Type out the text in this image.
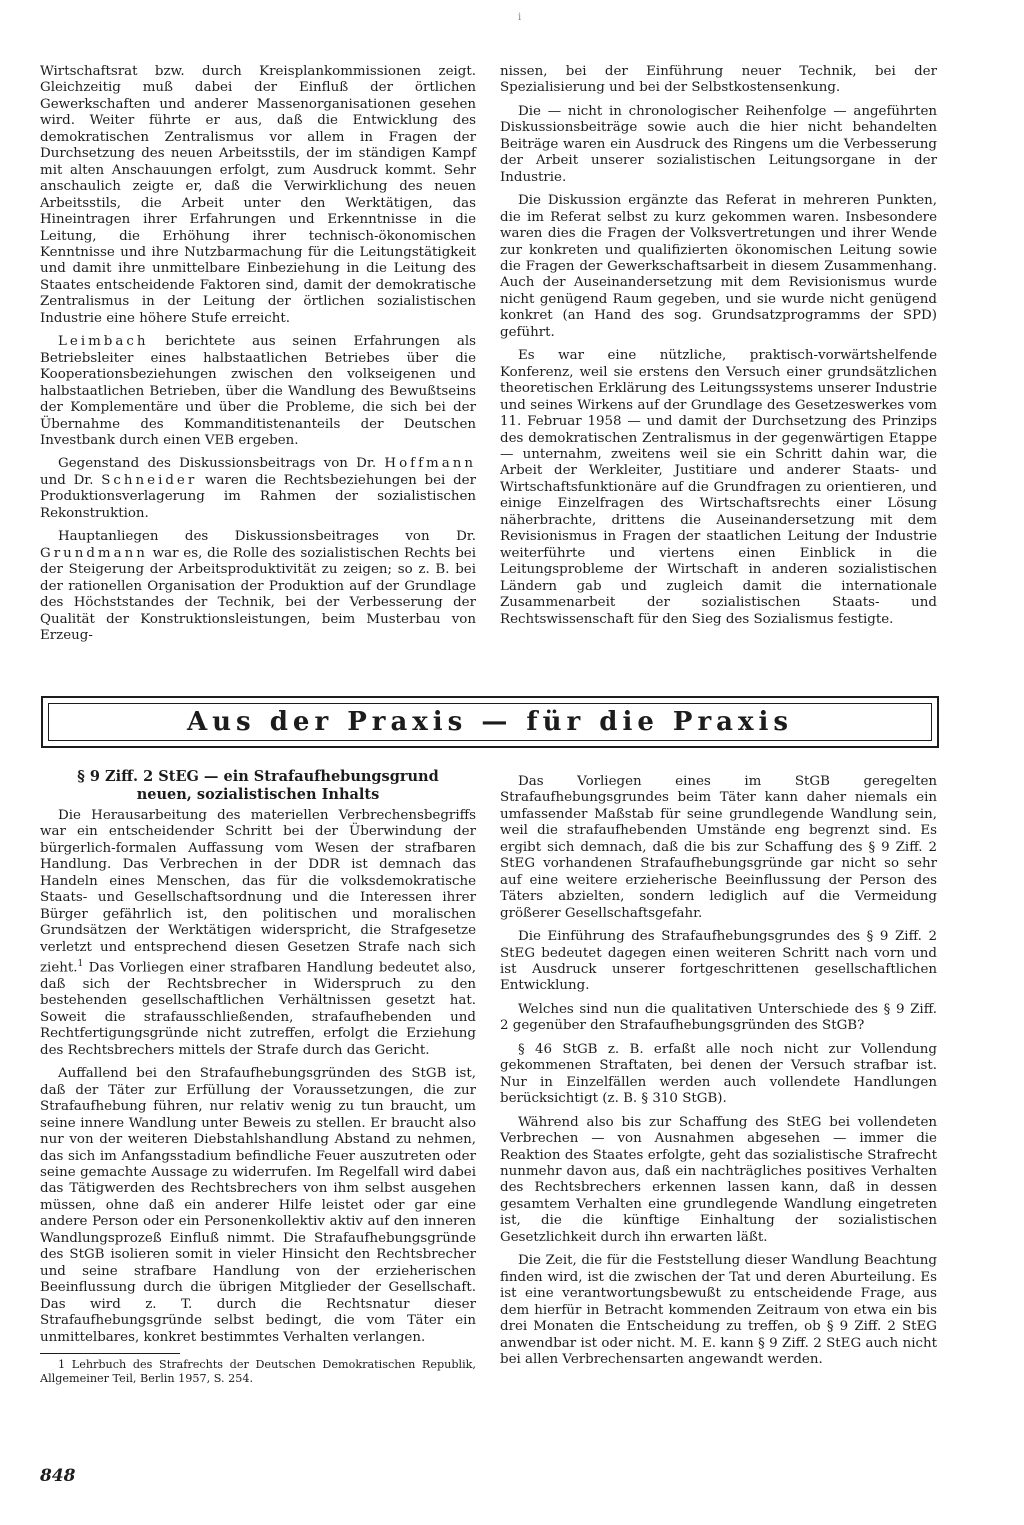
i

Wirtschaftsrat bzw. durch Kreisplankommissionen zeigt. Gleichzeitig muß dabei der Einfluß der örtlichen Gewerkschaften und anderer Massenorganisationen gesehen wird. Weiter führte er aus, daß die Entwicklung des demokratischen Zentralismus vor allem in Fragen der Durchsetzung des neuen Arbeitsstils, der im ständigen Kampf mit alten Anschauungen erfolgt, zum Ausdruck kommt. Sehr anschaulich zeigte er, daß die Verwirklichung des neuen Arbeitsstils, die Arbeit unter den Werktätigen, das Hineintragen ihrer Erfahrungen und Erkenntnisse in die Leitung, die Erhöhung ihrer technisch-ökonomischen Kenntnisse und ihre Nutzbarmachung für die Leitungstätigkeit und damit ihre unmittelbare Einbeziehung in die Leitung des Staates entscheidende Faktoren sind, damit der demokratische Zentralismus in der Leitung der örtlichen sozialistischen Industrie eine höhere Stufe erreicht.

Leimbach berichtete aus seinen Erfahrungen als Betriebsleiter eines halbstaatlichen Betriebes über die Kooperationsbeziehungen zwischen den volkseigenen und halbstaatlichen Betrieben, über die Wandlung des Bewußtseins der Komplementäre und über die Probleme, die sich bei der Übernahme des Kommanditistenanteils der Deutschen Investbank durch einen VEB ergeben.

Gegenstand des Diskussionsbeitrags von Dr. Hoffmann und Dr. Schneider waren die Rechtsbeziehungen bei der Produktionsverlagerung im Rahmen der sozialistischen Rekonstruktion.

Hauptanliegen des Diskussionsbeitrages von Dr. Grundmann war es, die Rolle des sozialistischen Rechts bei der Steigerung der Arbeitsproduktivität zu zeigen; so z. B. bei der rationellen Organisation der Produktion auf der Grundlage des Höchststandes der Technik, bei der Verbesserung der Qualität der Konstruktionsleistungen, beim Musterbau von Erzeug-

nissen, bei der Einführung neuer Technik, bei der Spezialisierung und bei der Selbstkostensenkung.

Die — nicht in chronologischer Reihenfolge — angeführten Diskussionsbeiträge sowie auch die hier nicht behandelten Beiträge waren ein Ausdruck des Ringens um die Verbesserung der Arbeit unserer sozialistischen Leitungsorgane in der Industrie.

Die Diskussion ergänzte das Referat in mehreren Punkten, die im Referat selbst zu kurz gekommen waren. Insbesondere waren dies die Fragen der Volksvertretungen und ihrer Wende zur konkreten und qualifizierten ökonomischen Leitung sowie die Fragen der Gewerkschaftsarbeit in diesem Zusammenhang. Auch der Auseinandersetzung mit dem Revisionismus wurde nicht genügend Raum gegeben, und sie wurde nicht genügend konkret (an Hand des sog. Grundsatzprogramms der SPD) geführt.

Es war eine nützliche, praktisch-vorwärtshelfende Konferenz, weil sie erstens den Versuch einer grundsätzlichen theoretischen Erklärung des Leitungssystems unserer Industrie und seines Wirkens auf der Grundlage des Gesetzeswerkes vom 11. Februar 1958 — und damit der Durchsetzung des Prinzips des demokratischen Zentralismus in der gegenwärtigen Etappe — unternahm, zweitens weil sie ein Schritt dahin war, die Arbeit der Werkleiter, Justitiare und anderer Staats- und Wirtschaftsfunktionäre auf die Grundfragen zu orientieren, und einige Einzelfragen des Wirtschaftsrechts einer Lösung näherbrachte, drittens die Auseinandersetzung mit dem Revisionismus in Fragen der staatlichen Leitung der Industrie weiterführte und viertens einen Einblick in die Leitungsprobleme der Wirtschaft in anderen sozialistischen Ländern gab und zugleich damit die internationale Zusammenarbeit der sozialistischen Staats- und Rechtswissenschaft für den Sieg des Sozialismus festigte.

Aus der Praxis — für die Praxis
§ 9 Ziff. 2 StEG — ein Strafaufhebungsgrund
neuen, sozialistischen Inhalts

Die Herausarbeitung des materiellen Verbrechensbegriffs war ein entscheidender Schritt bei der Überwindung der bürgerlich-formalen Auffassung vom Wesen der strafbaren Handlung. Das Verbrechen in der DDR ist demnach das Handeln eines Menschen, das für die volksdemokratische Staats- und Gesellschaftsordnung und die Interessen ihrer Bürger gefährlich ist, den politischen und moralischen Grundsätzen der Werktätigen widerspricht, die Strafgesetze verletzt und entsprechend diesen Gesetzen Strafe nach sich zieht.$^1$ Das Vorliegen einer strafbaren Handlung bedeutet also, daß sich der Rechtsbrecher in Widerspruch zu den bestehenden gesellschaftlichen Verhältnissen gesetzt hat. Soweit die strafausschließenden, strafaufhebenden und Rechtfertigungsgründe nicht zutreffen, erfolgt die Erziehung des Rechtsbrechers mittels der Strafe durch das Gericht.

Auffallend bei den Strafaufhebungsgründen des StGB ist, daß der Täter zur Erfüllung der Voraussetzungen, die zur Strafaufhebung führen, nur relativ wenig zu tun braucht, um seine innere Wandlung unter Beweis zu stellen. Er braucht also nur von der weiteren Diebstahlshandlung Abstand zu nehmen, das sich im Anfangsstadium befindliche Feuer auszutreten oder seine gemachte Aussage zu widerrufen. Im Regelfall wird dabei das Tätigwerden des Rechtsbrechers von ihm selbst ausgehen müssen, ohne daß ein anderer Hilfe leistet oder gar eine andere Person oder ein Personenkollektiv aktiv auf den inneren Wandlungsprozeß Einfluß nimmt. Die Strafaufhebungsgründe des StGB isolieren somit in vieler Hinsicht den Rechtsbrecher und seine strafbare Handlung von der erzieherischen Beeinflussung durch die übrigen Mitglieder der Gesellschaft. Das wird z. T. durch die Rechtsnatur dieser Strafaufhebungsgründe selbst bedingt, die vom Täter ein unmittelbares, konkret bestimmtes Verhalten verlangen.

1 Lehrbuch des Strafrechts der Deutschen Demokratischen Republik, Allgemeiner Teil, Berlin 1957, S. 254.

Das Vorliegen eines im StGB geregelten Strafaufhebungsgrundes beim Täter kann daher niemals ein umfassender Maßstab für seine grundlegende Wandlung sein, weil die strafaufhebenden Umstände eng begrenzt sind. Es ergibt sich demnach, daß die bis zur Schaffung des § 9 Ziff. 2 StEG vorhandenen Strafaufhebungsgründe gar nicht so sehr auf eine weitere erzieherische Beeinflussung der Person des Täters abzielten, sondern lediglich auf die Vermeidung größerer Gesellschaftsgefahr.

Die Einführung des Strafaufhebungsgrundes des § 9 Ziff. 2 StEG bedeutet dagegen einen weiteren Schritt nach vorn und ist Ausdruck unserer fortgeschrittenen gesellschaftlichen Entwicklung.

Welches sind nun die qualitativen Unterschiede des § 9 Ziff. 2 gegenüber den Strafaufhebungsgründen des StGB?

§ 46 StGB z. B. erfaßt alle noch nicht zur Vollendung gekommenen Straftaten, bei denen der Versuch strafbar ist. Nur in Einzelfällen werden auch vollendete Handlungen berücksichtigt (z. B. § 310 StGB).

Während also bis zur Schaffung des StEG bei vollendeten Verbrechen — von Ausnahmen abgesehen — immer die Reaktion des Staates erfolgte, geht das sozialistische Strafrecht nunmehr davon aus, daß ein nachträgliches positives Verhalten des Rechtsbrechers erkennen lassen kann, daß in dessen gesamtem Verhalten eine grundlegende Wandlung eingetreten ist, die die künftige Einhaltung der sozialistischen Gesetzlichkeit durch ihn erwarten läßt.

Die Zeit, die für die Feststellung dieser Wandlung Beachtung finden wird, ist die zwischen der Tat und deren Aburteilung. Es ist eine verantwortungsbewußt zu entscheidende Frage, aus dem hierfür in Betracht kommenden Zeitraum von etwa ein bis drei Monaten die Entscheidung zu treffen, ob § 9 Ziff. 2 StEG anwendbar ist oder nicht. M. E. kann § 9 Ziff. 2 StEG auch nicht bei allen Verbrechensarten angewandt werden.

848
